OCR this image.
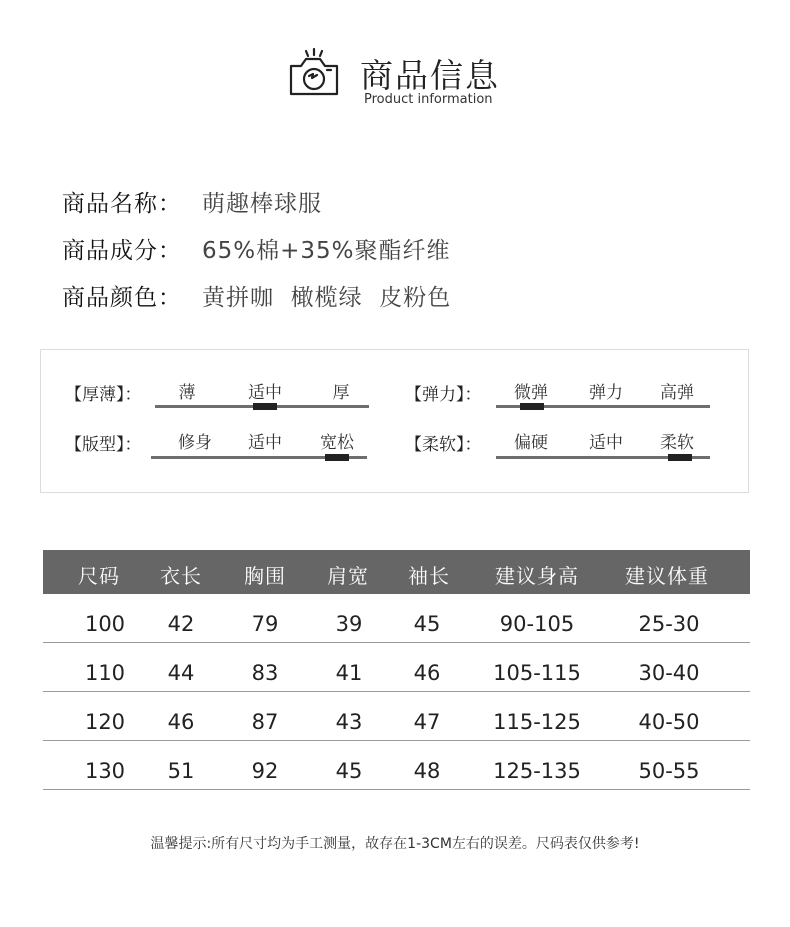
商品信息
Product information
商品名称： 萌趣棒球服
商品成分： 65%棉+35%聚酯纤维
商品颜色： 黄拼咖  橄榄绿  皮粉色
【厚薄】： 薄	适中	厚	【弹力】： 微弹 弹力 高弹
【版型】： 修身 适中 宽松	【柔软】： 偏硬 适中 柔软
尺码 衣长 胸围 肩宽 袖长 建议身高 建议体重
100 42	79	39 45	90-105	25-30
110 44	83	41 46	105-115	30-40
120 46	87	43 47	115-125	40-50
130 51	92	45 48	125-135	50-55
温馨提示:所有尺寸均为手工测量，故存在1-3CM左右的误差。尺码表仅供参考!
